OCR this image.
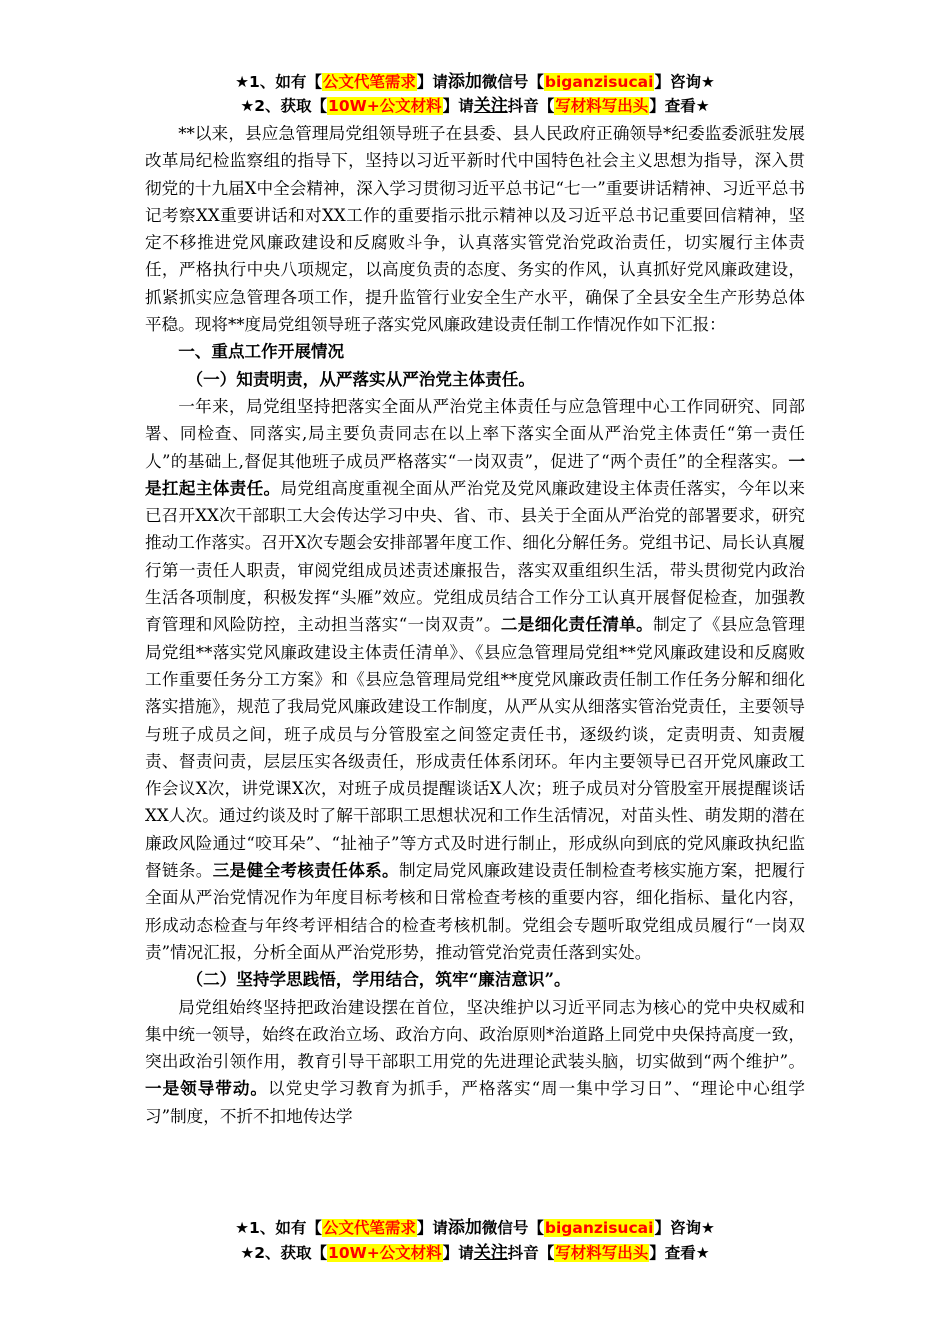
★1、如有【公文代笔需求】请添加微信号【biganzisucai】咨询★
★2、获取【10W+公文材料】请关注抖音【写材料写出头】查看★

**以来，县应急管理局党组领导班子在县委、县人民政府正确领导*纪委监委派驻发展改革局纪检监察组的指导下，坚持以习近平新时代中国特色社会主义思想为指导，深入贯彻党的十九届X中全会精神，深入学习贯彻习近平总书记“七一”重要讲话精神、习近平总书记考察XX重要讲话和对XX工作的重要指示批示精神以及习近平总书记重要回信精神，坚定不移推进党风廉政建设和反腐败斗争，认真落实管党治党政治责任，切实履行主体责任，严格执行中央八项规定，以高度负责的态度、务实的作风，认真抓好党风廉政建设，抓紧抓实应急管理各项工作，提升监管行业安全生产水平，确保了全县安全生产形势总体平稳。现将**度局党组领导班子落实党风廉政建设责任制工作情况作如下汇报：

一、重点工作开展情况

（一）知责明责，从严落实从严治党主体责任。

一年来，局党组坚持把落实全面从严治党主体责任与应急管理中心工作同研究、同部署、同检查、同落实,局主要负责同志在以上率下落实全面从严治党主体责任“第一责任人”的基础上,督促其他班子成员严格落实“一岗双责”，促进了“两个责任”的全程落实。一是扛起主体责任。局党组高度重视全面从严治党及党风廉政建设主体责任落实，今年以来已召开XX次干部职工大会传达学习中央、省、市、县关于全面从严治党的部署要求，研究推动工作落实。召开X次专题会安排部署年度工作、细化分解任务。党组书记、局长认真履行第一责任人职责，审阅党组成员述责述廉报告，落实双重组织生活，带头贯彻党内政治生活各项制度，积极发挥“头雁”效应。党组成员结合工作分工认真开展督促检查，加强教育管理和风险防控，主动担当落实“一岗双责”。二是细化责任清单。制定了《县应急管理局党组**落实党风廉政建设主体责任清单》、《县应急管理局党组**党风廉政建设和反腐败工作重要任务分工方案》和《县应急管理局党组**度党风廉政责任制工作任务分解和细化落实措施》，规范了我局党风廉政建设工作制度，从严从实从细落实管治党责任，主要领导与班子成员之间，班子成员与分管股室之间签定责任书，逐级约谈，定责明责、知责履责、督责问责，层层压实各级责任，形成责任体系闭环。年内主要领导已召开党风廉政工作会议X次，讲党课X次，对班子成员提醒谈话X人次；班子成员对分管股室开展提醒谈话XX人次。通过约谈及时了解干部职工思想状况和工作生活情况，对苗头性、萌发期的潜在廉政风险通过“咬耳朵”、“扯袖子”等方式及时进行制止，形成纵向到底的党风廉政执纪监督链条。三是健全考核责任体系。制定局党风廉政建设责任制检查考核实施方案，把履行全面从严治党情况作为年度目标考核和日常检查考核的重要内容，细化指标、量化内容，形成动态检查与年终考评相结合的检查考核机制。党组会专题听取党组成员履行“一岗双责”情况汇报，分析全面从严治党形势，推动管党治党责任落到实处。

（二）坚持学思践悟，学用结合，筑牢“廉洁意识”。

局党组始终坚持把政治建设摆在首位，坚决维护以习近平同志为核心的党中央权威和集中统一领导，始终在政治立场、政治方向、政治原则*治道路上同党中央保持高度一致，突出政治引领作用，教育引导干部职工用党的先进理论武装头脑，切实做到“两个维护”。一是领导带动。以党史学习教育为抓手，严格落实“周一集中学习日”、“理论中心组学习”制度，不折不扣地传达学

★1、如有【公文代笔需求】请添加微信号【biganzisucai】咨询★
★2、获取【10W+公文材料】请关注抖音【写材料写出头】查看★
